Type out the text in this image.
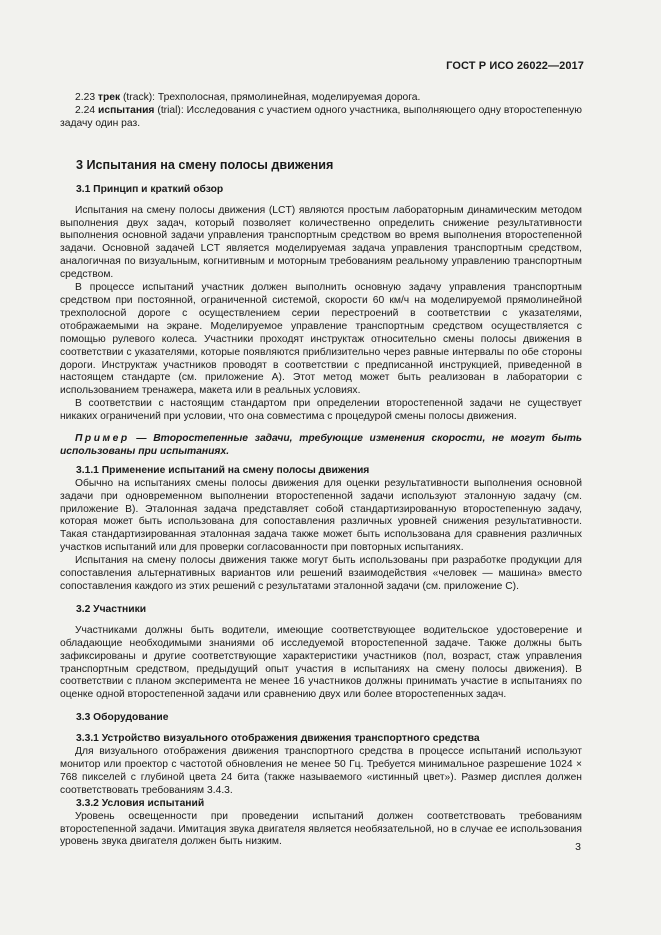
ГОСТ Р ИСО 26022—2017

2.23 трек (track): Трехполосная, прямолинейная, моделируемая дорога.

2.24 испытания (trial): Исследования с участием одного участника, выполняющего одну второстепенную задачу один раз.

3 Испытания на смену полосы движения
3.1 Принцип и краткий обзор

Испытания на смену полосы движения (LCT) являются простым лабораторным динамическим методом выполнения двух задач, который позволяет количественно определить снижение результативности выполнения основной задачи управления транспортным средством во время выполнения второстепенной задачи. Основной задачей LCT является моделируемая задача управления транспортным средством, аналогичная по визуальным, когнитивным и моторным требованиям реальному управлению транспортным средством.

В процессе испытаний участник должен выполнить основную задачу управления транспортным средством при постоянной, ограниченной системой, скорости 60 км/ч на моделируемой прямолинейной трехполосной дороге с осуществлением серии перестроений в соответствии с указателями, отображаемыми на экране. Моделируемое управление транспортным средством осуществляется с помощью рулевого колеса. Участники проходят инструктаж относительно смены полосы движения в соответствии с указателями, которые появляются приблизительно через равные интервалы по обе стороны дороги. Инструктаж участников проводят в соответствии с предписанной инструкцией, приведенной в настоящем стандарте (см. приложение А). Этот метод может быть реализован в лаборатории с использованием тренажера, макета или в реальных условиях.

В соответствии с настоящим стандартом при определении второстепенной задачи не существует никаких ограничений при условии, что она совместима с процедурой смены полосы движения.

Пример — Второстепенные задачи, требующие изменения скорости, не могут быть использованы при испытаниях.

3.1.1 Применение испытаний на смену полосы движения

Обычно на испытаниях смены полосы движения для оценки результативности выполнения основной задачи при одновременном выполнении второстепенной задачи используют эталонную задачу (см. приложение В). Эталонная задача представляет собой стандартизированную второстепенную задачу, которая может быть использована для сопоставления различных уровней снижения результативности. Такая стандартизированная эталонная задача также может быть использована для сравнения различных участков испытаний или для проверки согласованности при повторных испытаниях.

Испытания на смену полосы движения также могут быть использованы при разработке продукции для сопоставления альтернативных вариантов или решений взаимодействия «человек — машина» вместо сопоставления каждого из этих решений с результатами эталонной задачи (см. приложение С).

3.2 Участники

Участниками должны быть водители, имеющие соответствующее водительское удостоверение и обладающие необходимыми знаниями об исследуемой второстепенной задаче. Также должны быть зафиксированы и другие соответствующие характеристики участников (пол, возраст, стаж управления транспортным средством, предыдущий опыт участия в испытаниях на смену полосы движения). В соответствии с планом эксперимента не менее 16 участников должны принимать участие в испытаниях по оценке одной второстепенной задачи или сравнению двух или более второстепенных задач.

3.3 Оборудование
3.3.1 Устройство визуального отображения движения транспортного средства

Для визуального отображения движения транспортного средства в процессе испытаний используют монитор или проектор с частотой обновления не менее 50 Гц. Требуется минимальное разрешение 1024 × 768 пикселей с глубиной цвета 24 бита (также называемого «истинный цвет»). Размер дисплея должен соответствовать требованиям 3.4.3.

3.3.2 Условия испытаний

Уровень освещенности при проведении испытаний должен соответствовать требованиям второстепенной задачи. Имитация звука двигателя является необязательной, но в случае ее использования уровень звука двигателя должен быть низким.	3
